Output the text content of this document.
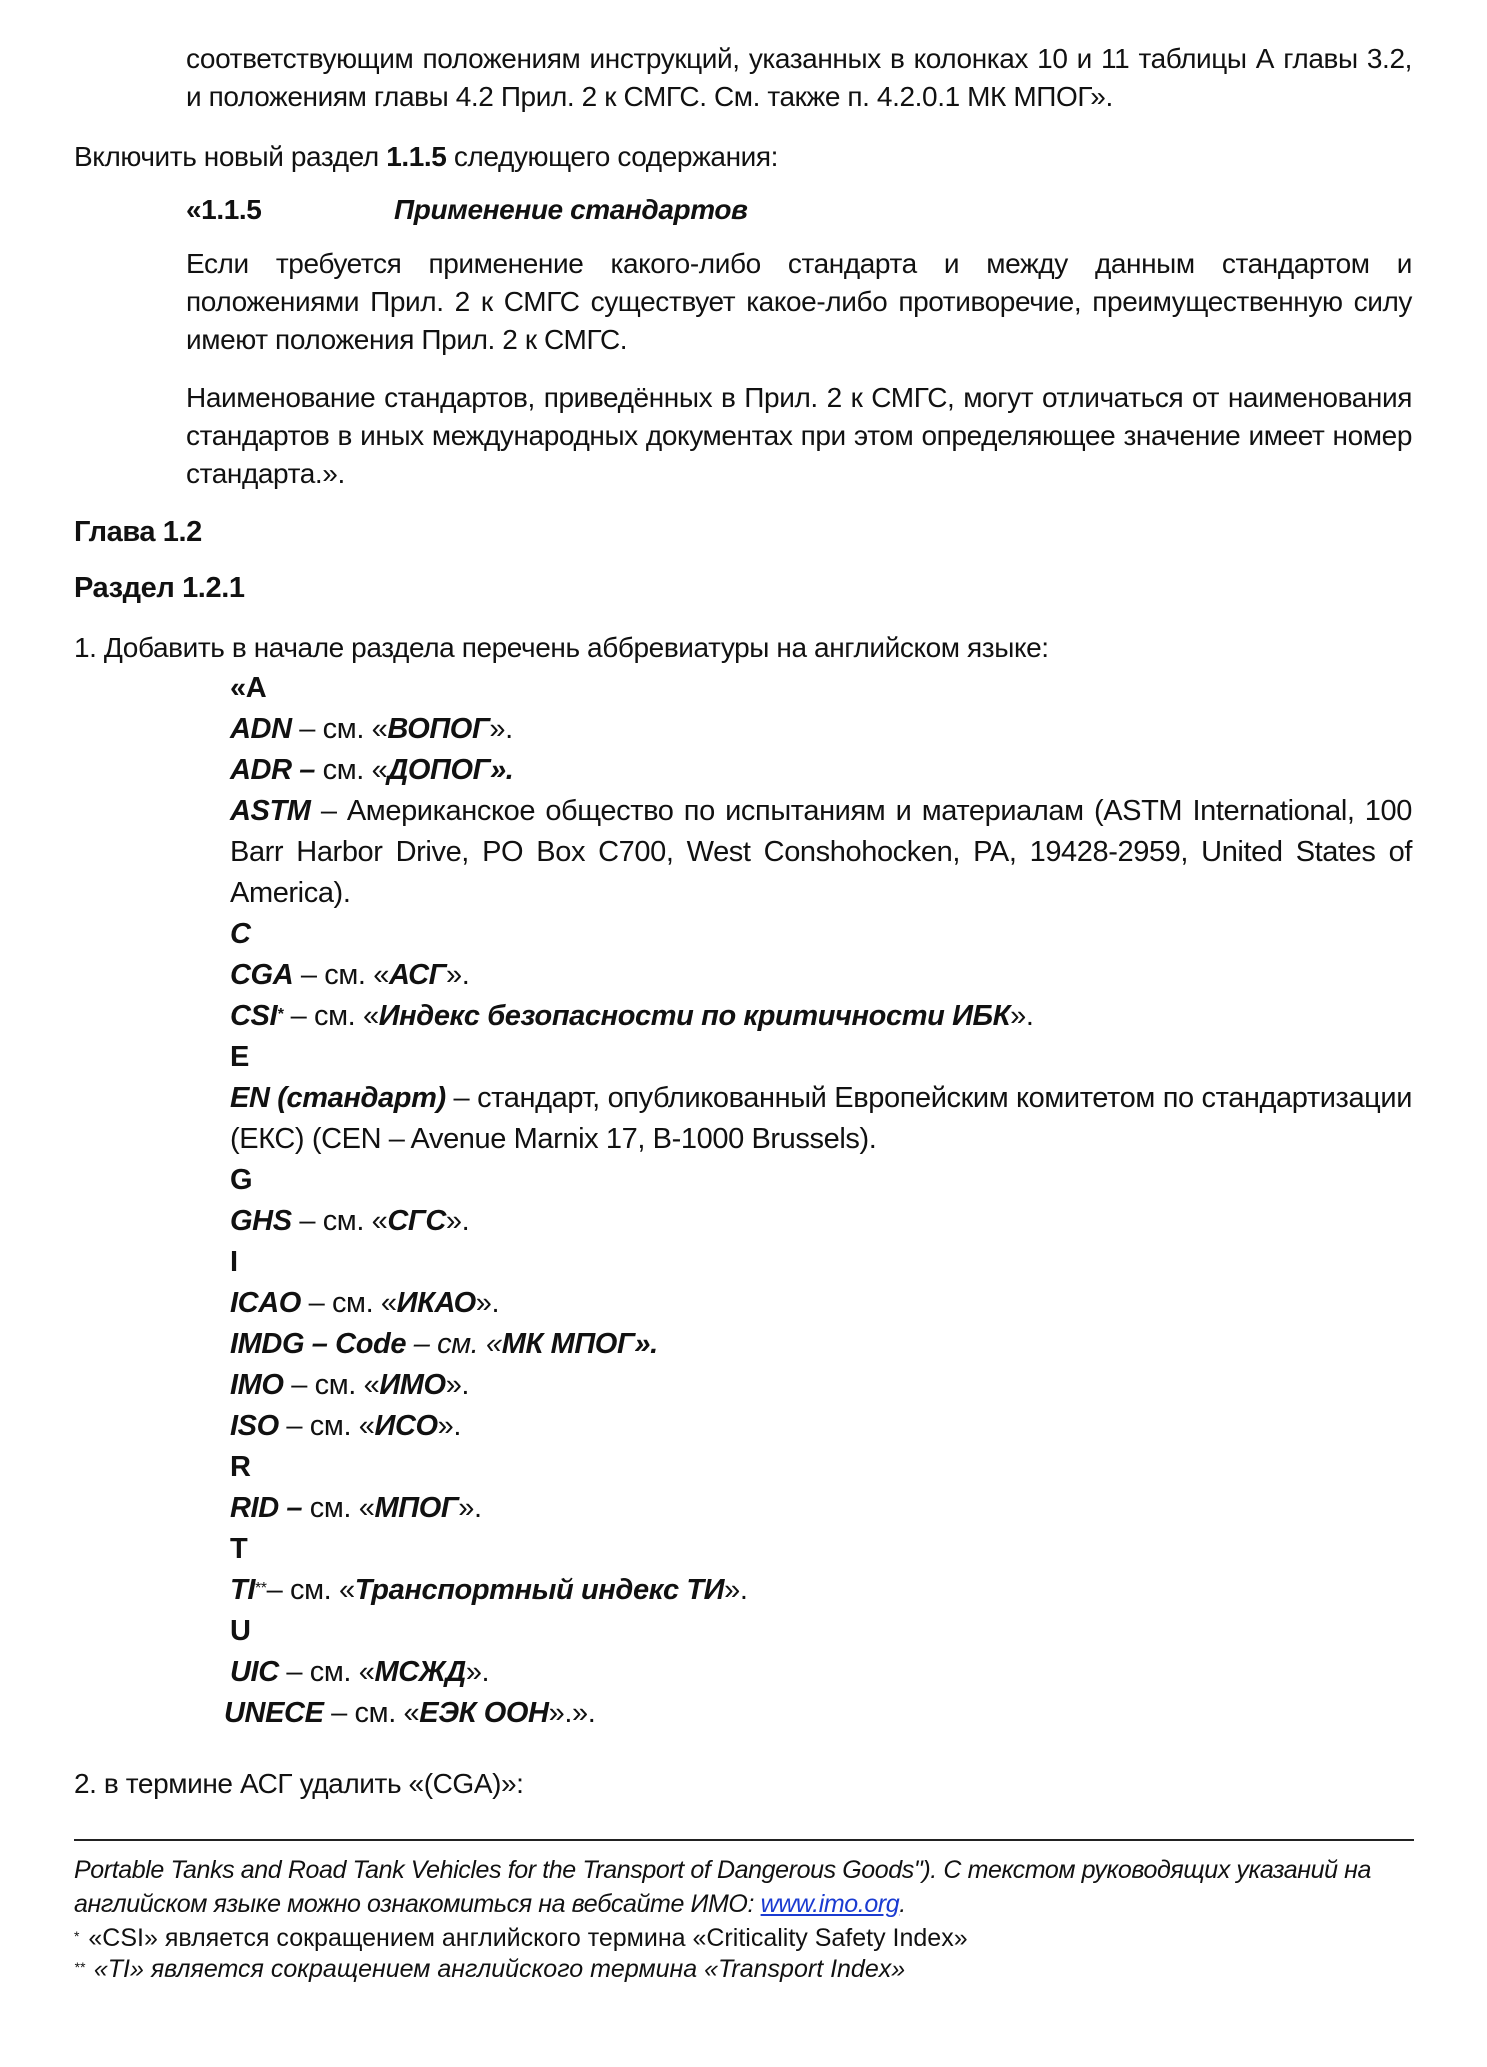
соответствующим положениям инструкций, указанных в колонках 10 и 11 таблицы А главы 3.2, и положениям главы 4.2 Прил. 2 к СМГС. См. также п. 4.2.0.1 МК МПОГ».

Включить новый раздел 1.1.5 следующего содержания:

«1.1.5	Применение стандартов

Если требуется применение какого-либо стандарта и между данным стандартом и положениями Прил. 2 к СМГС существует какое-либо противоречие, преимущественную силу имеют положения Прил. 2 к СМГС.

Наименование стандартов, приведённых в Прил. 2 к СМГС, могут отличаться от наименования стандартов в иных международных документах при этом определяющее значение имеет номер стандарта.».

Глава 1.2

Раздел 1.2.1

1. Добавить в начале раздела перечень аббревиатуры на английском языке:

«A

ADN – см. «ВОПОГ».

ADR – см. «ДОПОГ».

ASTM – Американское общество по испытаниям и материалам (ASTM International, 100 Barr Harbor Drive, PO Box C700, West Conshohocken, PA, 19428-2959, United States of America).

C

CGA – см. «АСГ».

CSI* – см. «Индекс безопасности по критичности ИБК».

E

EN (стандарт) – стандарт, опубликованный Европейским комитетом по стандартизации (ЕКС) (CEN – Avenue Marnix 17, B-1000 Brussels).

G

GHS – см. «СГС».

I

ICAO – см. «ИКАО».

IMDG – Code – см. «МК МПОГ».

IMO – см. «ИМО».

ISO – см. «ИСО».

R

RID – см. «МПОГ».

T

TI**– см. «Транспортный индекс ТИ».

U

UIC – см. «МСЖД».

UNECE – см. «ЕЭК ООН».».

2. в термине АСГ удалить «(CGA)»:

Portable Tanks and Road Tank Vehicles for the Transport of Dangerous Goods"). С текстом руководящих указаний на английском языке можно ознакомиться на вебсайте ИМО: www.imo.org.

* «CSI» является сокращением английского термина «Criticality Safety Index»

** «TI» является сокращением английского термина «Transport Index»
